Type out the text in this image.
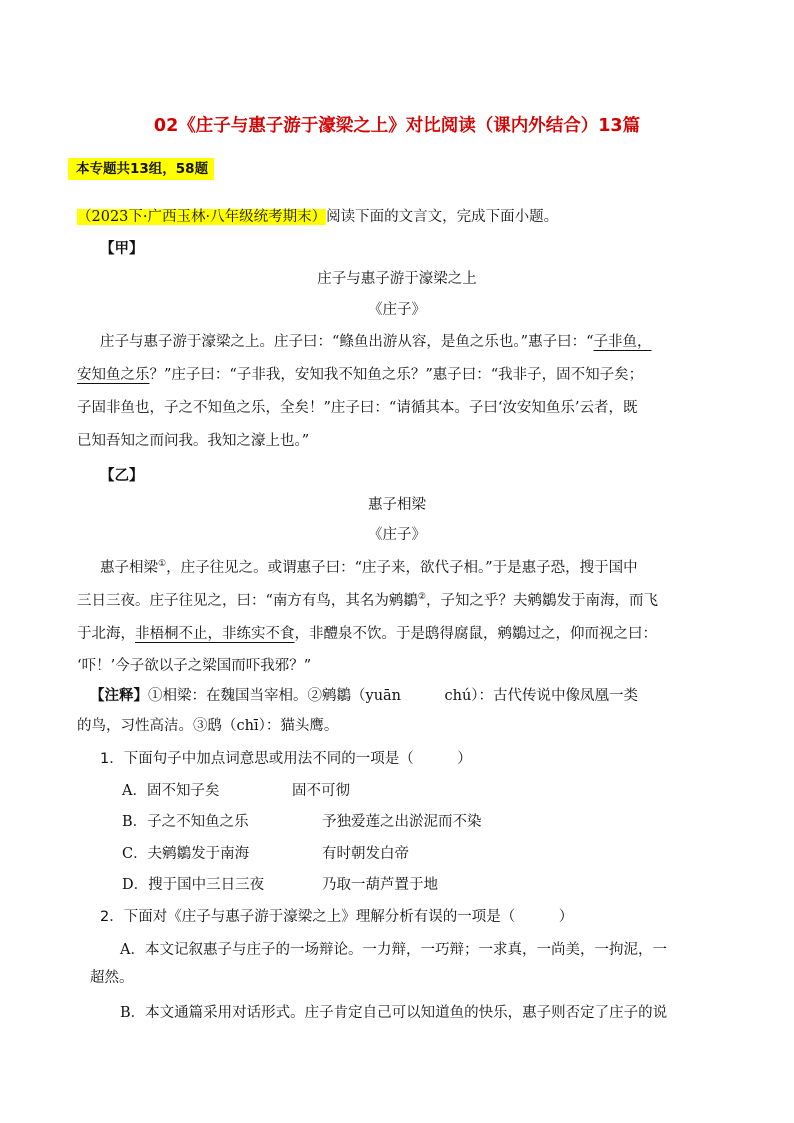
02《庄子与惠子游于濠梁之上》对比阅读（课内外结合）13篇
本专题共13组，58题
（2023下·广西玉林·八年级统考期末）阅读下面的文言文，完成下面小题。
【甲】
庄子与惠子游于濠梁之上
《庄子》
庄子与惠子游于濠梁之上。庄子曰：“鲦鱼出游从容，是鱼之乐也。”惠子曰：“子非鱼，
安知鱼之乐？”庄子曰：“子非我，安知我不知鱼之乐？”惠子曰：“我非子，固不知子矣；
子固非鱼也，子之不知鱼之乐，全矣！”庄子曰：“请循其本。子曰‘汝安知鱼乐’云者，既
已知吾知之而问我。我知之濠上也。”
【乙】
惠子相梁
《庄子》
惠子相梁①，庄子往见之。或谓惠子曰：“庄子来，欲代子相。”于是惠子恐，搜于国中
三日三夜。庄子往见之，曰：“南方有鸟，其名为鹓鶵②，子知之乎？夫鹓鶵发于南海，而飞
于北海，非梧桐不止，非练实不食，非醴泉不饮。于是鸱得腐鼠，鹓鶵过之，仰而视之曰：
‘吓！’今子欲以子之梁国而吓我邪？”
【注释】①相梁：在魏国当宰相。②鹓鶵（yuān　　　chú）：古代传说中像凤凰一类
的鸟，习性高洁。③鸱（chī）：猫头鹰。
1．下面句子中加点词意思或用法不同的一项是（　　　）
A．固不知子矣	固不可彻
B．子之不知鱼之乐	予独爱莲之出淤泥而不染
C．夫鹓鶵发于南海	有时朝发白帝
D．搜于国中三日三夜	乃取一葫芦置于地
2．下面对《庄子与惠子游于濠梁之上》理解分析有误的一项是（　　　）
A．本文记叙惠子与庄子的一场辩论。一力辩，一巧辩；一求真，一尚美，一拘泥，一
超然。
B．本文通篇采用对话形式。庄子肯定自己可以知道鱼的快乐，惠子则否定了庄子的说
